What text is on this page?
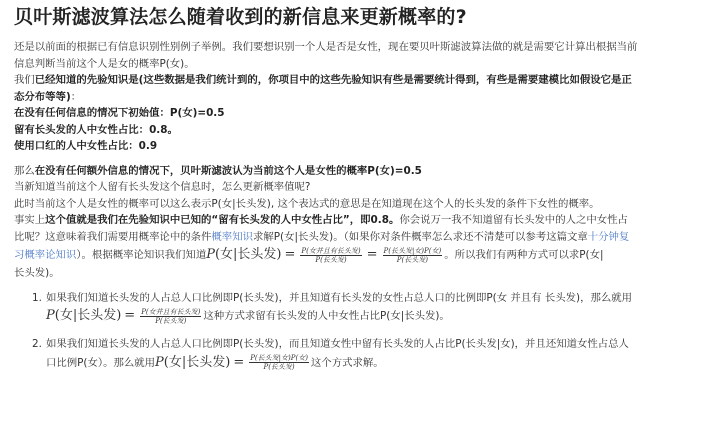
贝叶斯滤波算法怎么随着收到的新信息来更新概率的?

还是以前面的根据已有信息识别性别例子举例。我们要想识别一个人是否是女性，现在要贝叶斯滤波算法做的就是需要它计算出根据当前

信息判断当前这个人是女的概率P(女)。

我们已经知道的先验知识是(这些数据是我们统计到的，你项目中的这些先验知识有些是需要统计得到，有些是需要建模比如假设它是正

态分布等等)：

在没有任何信息的情况下初始值：P(女)=0.5

留有长头发的人中女性占比：0.8。

使用口红的人中女性占比：0.9

那么在没有任何额外信息的情况下，贝叶斯滤波认为当前这个人是女性的概率P(女)=0.5

当新知道当前这个人留有长头发这个信息时，怎么更新概率值呢?

此时当前这个人是女性的概率可以这么表示P(女|长头发), 这个表达式的意思是在知道现在这个人的长头发的条件下女性的概率。

事实上这个值就是我们在先验知识中已知的“留有长头发的人中女性占比”，即0.8。你会说万一我不知道留有长头发中的人之中女性占

比呢？这意味着我们需要用概率论中的条件概率知识求解P(女|长头发)。（如果你对条件概率怎么求还不清楚可以参考这篇文章十分钟复

习概率论知识）。根据概率论知识我们知道P(女|长头发) = $\frac{\text{P(女并且有长头发)}}{\text{P(长头发)}} = \frac{\text{P(长头发|女)P(女)}}{\text{P(长头发)}}$ 。所以我们有两种方式可以求P(女|

长头发)。

1. 如果我们知道长头发的人占总人口比例即P(长头发)，并且知道有长头发的女性占总人口的比例即P(女 并且有 长头发)，那么就用

P(女|长头发) = $\frac{\text{P(女并且有长头发)}}{\text{P(长头发)}}$ 这种方式求留有长头发的人中女性占比P(女|长头发)。

2. 如果我们知道长头发的人占总人口比例即P(长头发)，而且知道女性中留有长头发的人占比P(长头发|女)，并且还知道女性占总人

口比例P(女）。那么就用P(女|长头发) = $\frac{\text{P(长头发|女)P(女)}}{\text{P(长头发)}}$ 这个方式求解。
